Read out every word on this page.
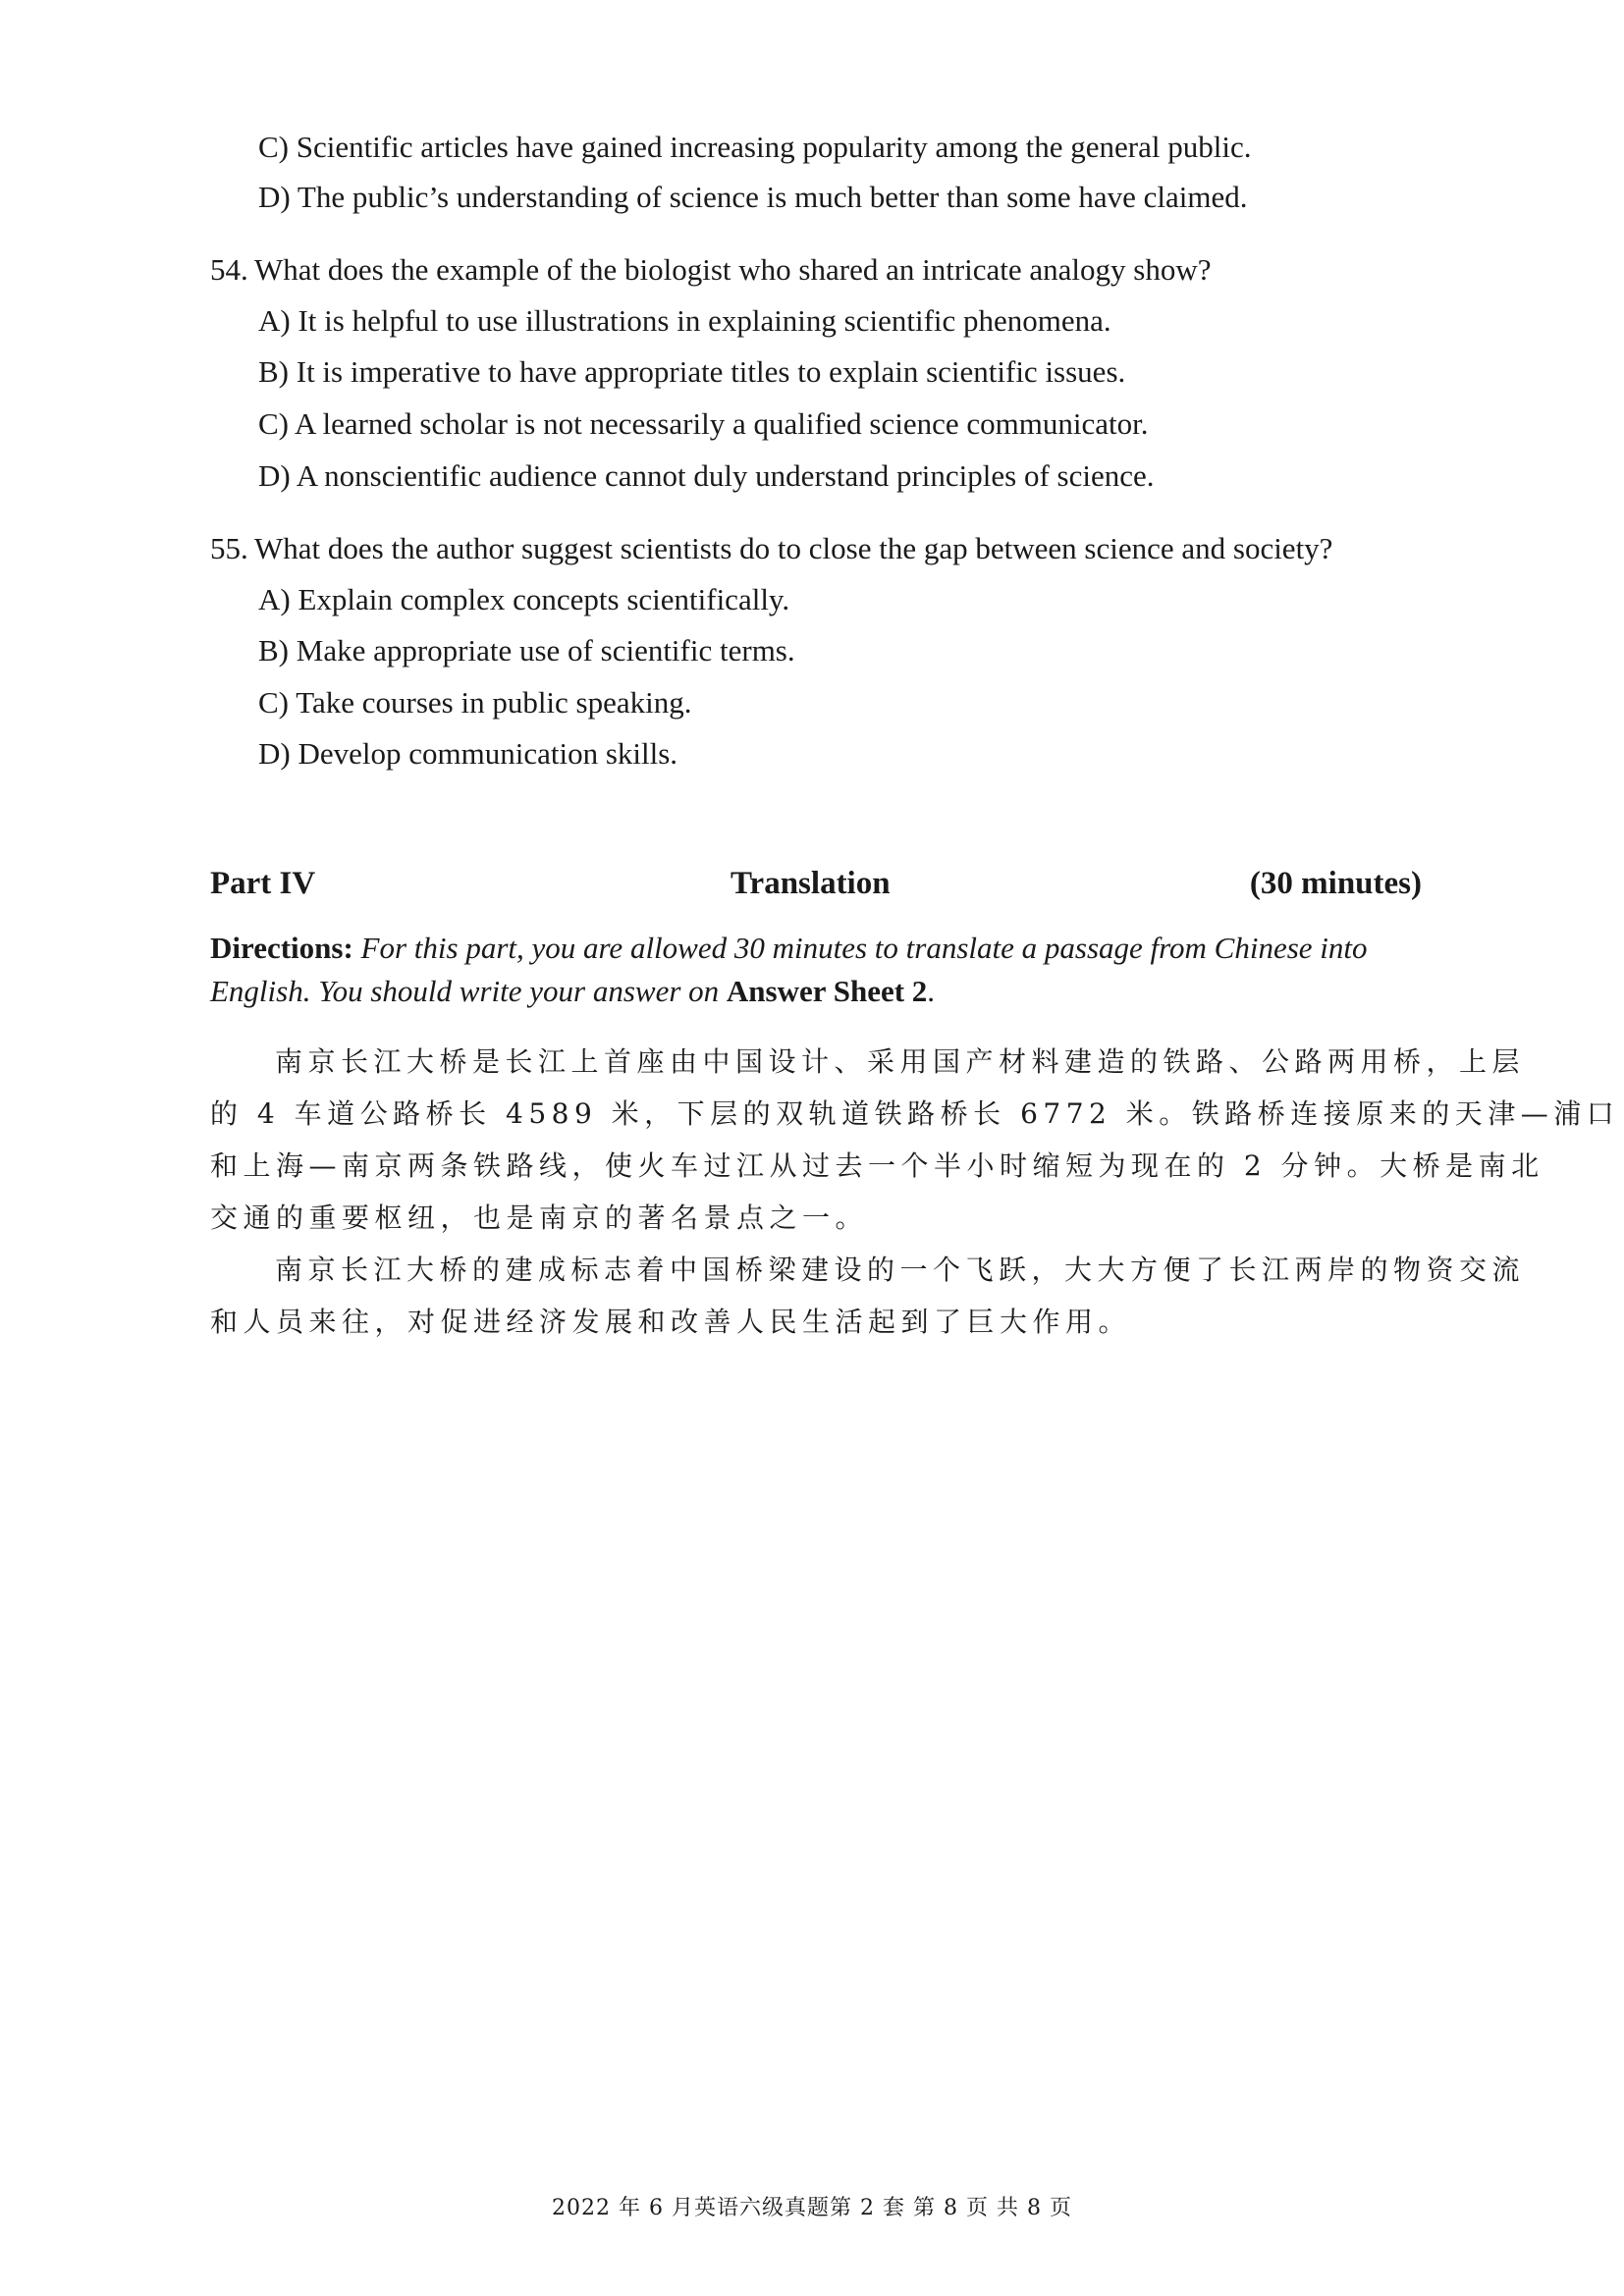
C) Scientific articles have gained increasing popularity among the general public.
D) The public’s understanding of science is much better than some have claimed.
54. What does the example of the biologist who shared an intricate analogy show?
A) It is helpful to use illustrations in explaining scientific phenomena.
B) It is imperative to have appropriate titles to explain scientific issues.
C) A learned scholar is not necessarily a qualified science communicator.
D) A nonscientific audience cannot duly understand principles of science.
55. What does the author suggest scientists do to close the gap between science and society?
A) Explain complex concepts scientifically.
B) Make appropriate use of scientific terms.
C) Take courses in public speaking.
D) Develop communication skills.
Part IV	Translation	(30 minutes)
Directions: For this part, you are allowed 30 minutes to translate a passage from Chinese into
English. You should write your answer on Answer Sheet 2.
南京长江大桥是长江上首座由中国设计、采用国产材料建造的铁路、公路两用桥，上层
的 4 车道公路桥长 4589 米，下层的双轨道铁路桥长 6772 米。铁路桥连接原来的天津—浦口
和上海—南京两条铁路线，使火车过江从过去一个半小时缩短为现在的 2 分钟。大桥是南北
交通的重要枢纽，也是南京的著名景点之一。
南京长江大桥的建成标志着中国桥梁建设的一个飞跃，大大方便了长江两岸的物资交流
和人员来往，对促进经济发展和改善人民生活起到了巨大作用。
2022 年 6 月英语六级真题第 2 套 第 8 页 共 8 页
